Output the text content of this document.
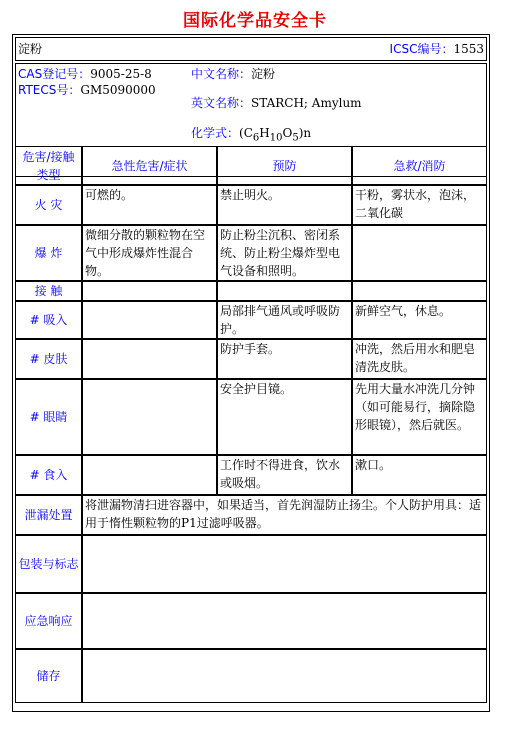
国际化学品安全卡
淀粉	ICSC编号：1553
CAS登记号：9005-25-8
RTECS号：GM5090000
中文名称：淀粉
英文名称：STARCH; Amylum
化学式：$(C_6H_{10}O_5)n$
危害/接触类型	急性危害/症状	预防	急救/消防
火 灾	可燃的。	禁止明火。	干粉，雾状水，泡沫，二氧化碳
爆 炸	微细分散的颗粒物在空气中形成爆炸性混合物。	防止粉尘沉积、密闭系统、防止粉尘爆炸型电气设备和照明。	
接 触			
# 吸入		局部排气通风或呼吸防护。	新鲜空气，休息。
# 皮肤		防护手套。	冲洗，然后用水和肥皂清洗皮肤。
# 眼睛		安全护目镜。	先用大量水冲洗几分钟（如可能易行，摘除隐形眼镜），然后就医。
# 食入		工作时不得进食，饮水或吸烟。	漱口。
泄漏处置	将泄漏物清扫进容器中，如果适当，首先润湿防止扬尘。个人防护用具：适用于惰性颗粒物的P1过滤呼吸器。		
包装与标志			
应急响应			
储存			
